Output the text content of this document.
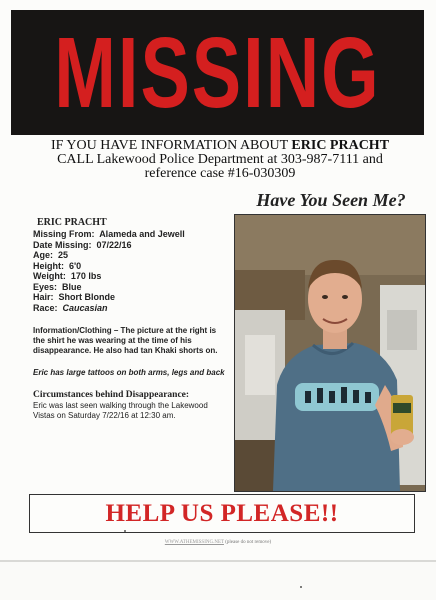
MISSING
IF YOU HAVE INFORMATION ABOUT ERIC PRACHT
CALL Lakewood Police Department at 303-987-7111 and
reference case #16-030309
Have You Seen Me?
ERIC PRACHT
Missing From: Alameda and Jewell
Date Missing: 07/22/16
Age: 25
Height: 6'0
Weight: 170 lbs
Eyes: Blue
Hair: Short Blonde
Race: Caucasian
Information/Clothing – The picture at the right is the shirt he was wearing at the time of his disappearance. He also had tan Khaki shorts on.
Eric has large tattoos on both arms, legs and back
Circumstances behind Disappearance:
Eric was last seen walking through the Lakewood Vistas on Saturday 7/22/16 at 12:30 am.
HELP US PLEASE!!
WWW.ATHEMISSING.NET (please do not remove)
